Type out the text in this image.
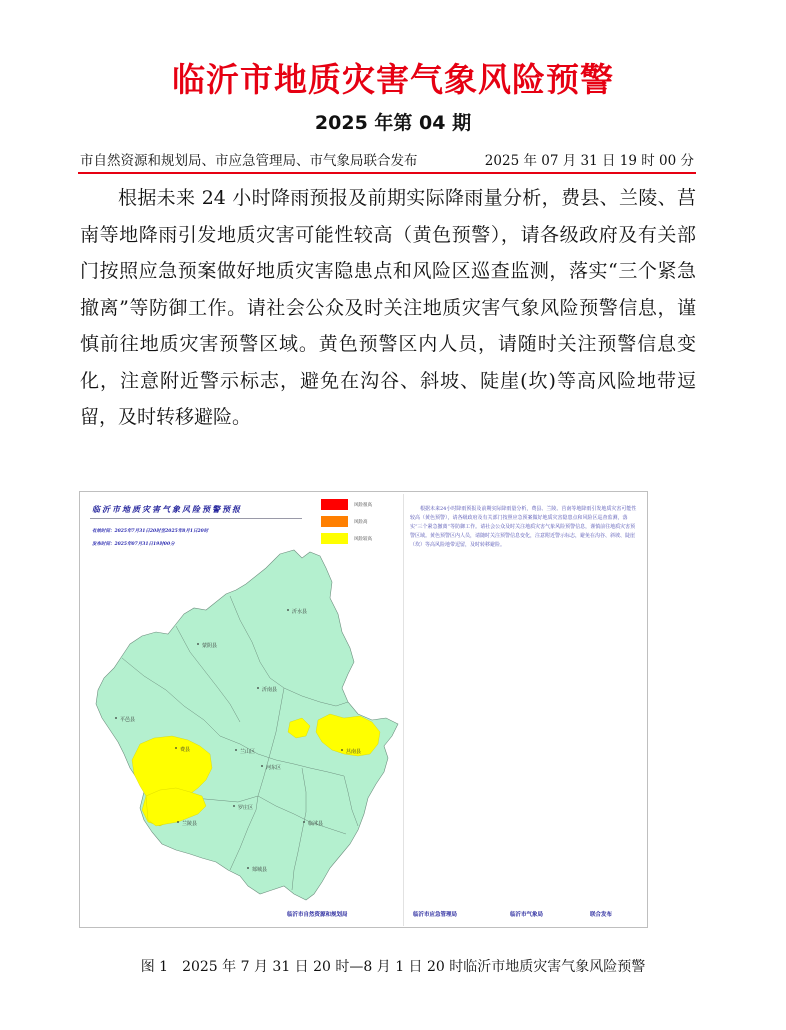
临沂市地质灾害气象风险预警
2025 年第 04 期
市自然资源和规划局、市应急管理局、市气象局联合发布	2025 年 07 月 31 日 19 时 00 分

根据未来 24 小时降雨预报及前期实际降雨量分析，费县、兰陵、莒南等地降雨引发地质灾害可能性较高（黄色预警），请各级政府及有关部门按照应急预案做好地质灾害隐患点和风险区巡查监测，落实“三个紧急撤离”等防御工作。请社会公众及时关注地质灾害气象风险预警信息，谨慎前往地质灾害预警区域。黄色预警区内人员，请随时关注预警信息变化，注意附近警示标志，避免在沟谷、斜坡、陡崖(坎)等高风险地带逗留，及时转移避险。

沂水县
蒙阴县
沂南县
平邑县
费县	兰山区
河东区
莒南县
罗庄区
兰陵县	临沭县
郯城县
临沂市地质灾害气象风险预警预报
有效时间：2025年7月31日20时至2025年8月1日20时
发布时间：2025年07月31日19时00分
风险很高
风险高
风险较高

根据未来24小时降雨预报及前期实际降雨量分析，费县、兰陵、莒南等地降雨引发地质灾害可能性较高（黄色预警），请各级政府及有关部门按照应急预案做好地质灾害隐患点和风险区巡查监测，落实“三个紧急撤离”等防御工作。请社会公众及时关注地质灾害气象风险预警信息，谨慎前往地质灾害预警区域。黄色预警区内人员，请随时关注预警信息变化，注意附近警示标志，避免在沟谷、斜坡、陡崖（坎）等高风险地带逗留，及时转移避险。

临沂市自然资源和规划局	临沂市应急管理局	临沂市气象局	联合发布
图 1　2025 年 7 月 31 日 20 时—8 月 1 日 20 时临沂市地质灾害气象风险预警
